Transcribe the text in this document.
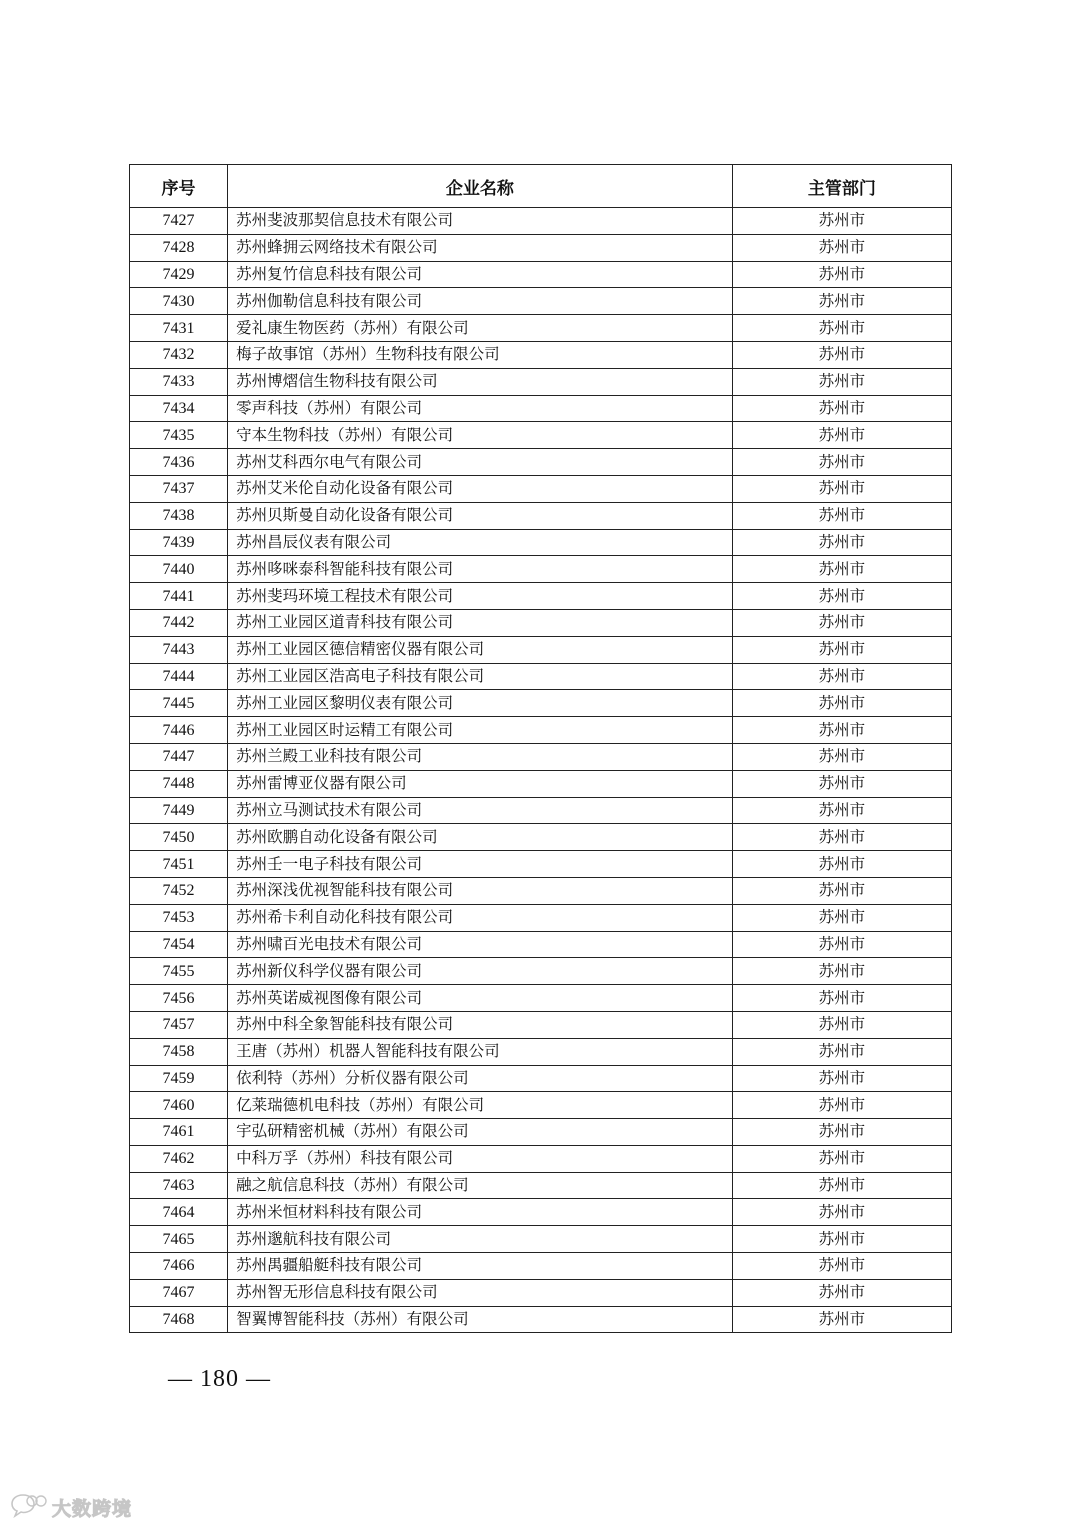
序号	企业名称	主管部门
7427	苏州斐波那契信息技术有限公司	苏州市
7428	苏州蜂拥云网络技术有限公司	苏州市
7429	苏州复竹信息科技有限公司	苏州市
7430	苏州伽勒信息科技有限公司	苏州市
7431	爱礼康生物医药（苏州）有限公司	苏州市
7432	梅子故事馆（苏州）生物科技有限公司	苏州市
7433	苏州博熠信生物科技有限公司	苏州市
7434	零声科技（苏州）有限公司	苏州市
7435	守本生物科技（苏州）有限公司	苏州市
7436	苏州艾科西尔电气有限公司	苏州市
7437	苏州艾米伦自动化设备有限公司	苏州市
7438	苏州贝斯曼自动化设备有限公司	苏州市
7439	苏州昌辰仪表有限公司	苏州市
7440	苏州哆咪泰科智能科技有限公司	苏州市
7441	苏州斐玛环境工程技术有限公司	苏州市
7442	苏州工业园区道青科技有限公司	苏州市
7443	苏州工业园区德信精密仪器有限公司	苏州市
7444	苏州工业园区浩高电子科技有限公司	苏州市
7445	苏州工业园区黎明仪表有限公司	苏州市
7446	苏州工业园区时运精工有限公司	苏州市
7447	苏州兰殿工业科技有限公司	苏州市
7448	苏州雷博亚仪器有限公司	苏州市
7449	苏州立马测试技术有限公司	苏州市
7450	苏州欧鹏自动化设备有限公司	苏州市
7451	苏州壬一电子科技有限公司	苏州市
7452	苏州深浅优视智能科技有限公司	苏州市
7453	苏州希卡利自动化科技有限公司	苏州市
7454	苏州啸百光电技术有限公司	苏州市
7455	苏州新仪科学仪器有限公司	苏州市
7456	苏州英诺威视图像有限公司	苏州市
7457	苏州中科全象智能科技有限公司	苏州市
7458	王唐（苏州）机器人智能科技有限公司	苏州市
7459	依利特（苏州）分析仪器有限公司	苏州市
7460	亿莱瑞德机电科技（苏州）有限公司	苏州市
7461	宇弘研精密机械（苏州）有限公司	苏州市
7462	中科万孚（苏州）科技有限公司	苏州市
7463	融之航信息科技（苏州）有限公司	苏州市
7464	苏州米恒材料科技有限公司	苏州市
7465	苏州邈航科技有限公司	苏州市
7466	苏州禺疆船艇科技有限公司	苏州市
7467	苏州智无形信息科技有限公司	苏州市
7468	智翼博智能科技（苏州）有限公司	苏州市
— 180 —
大数跨境
